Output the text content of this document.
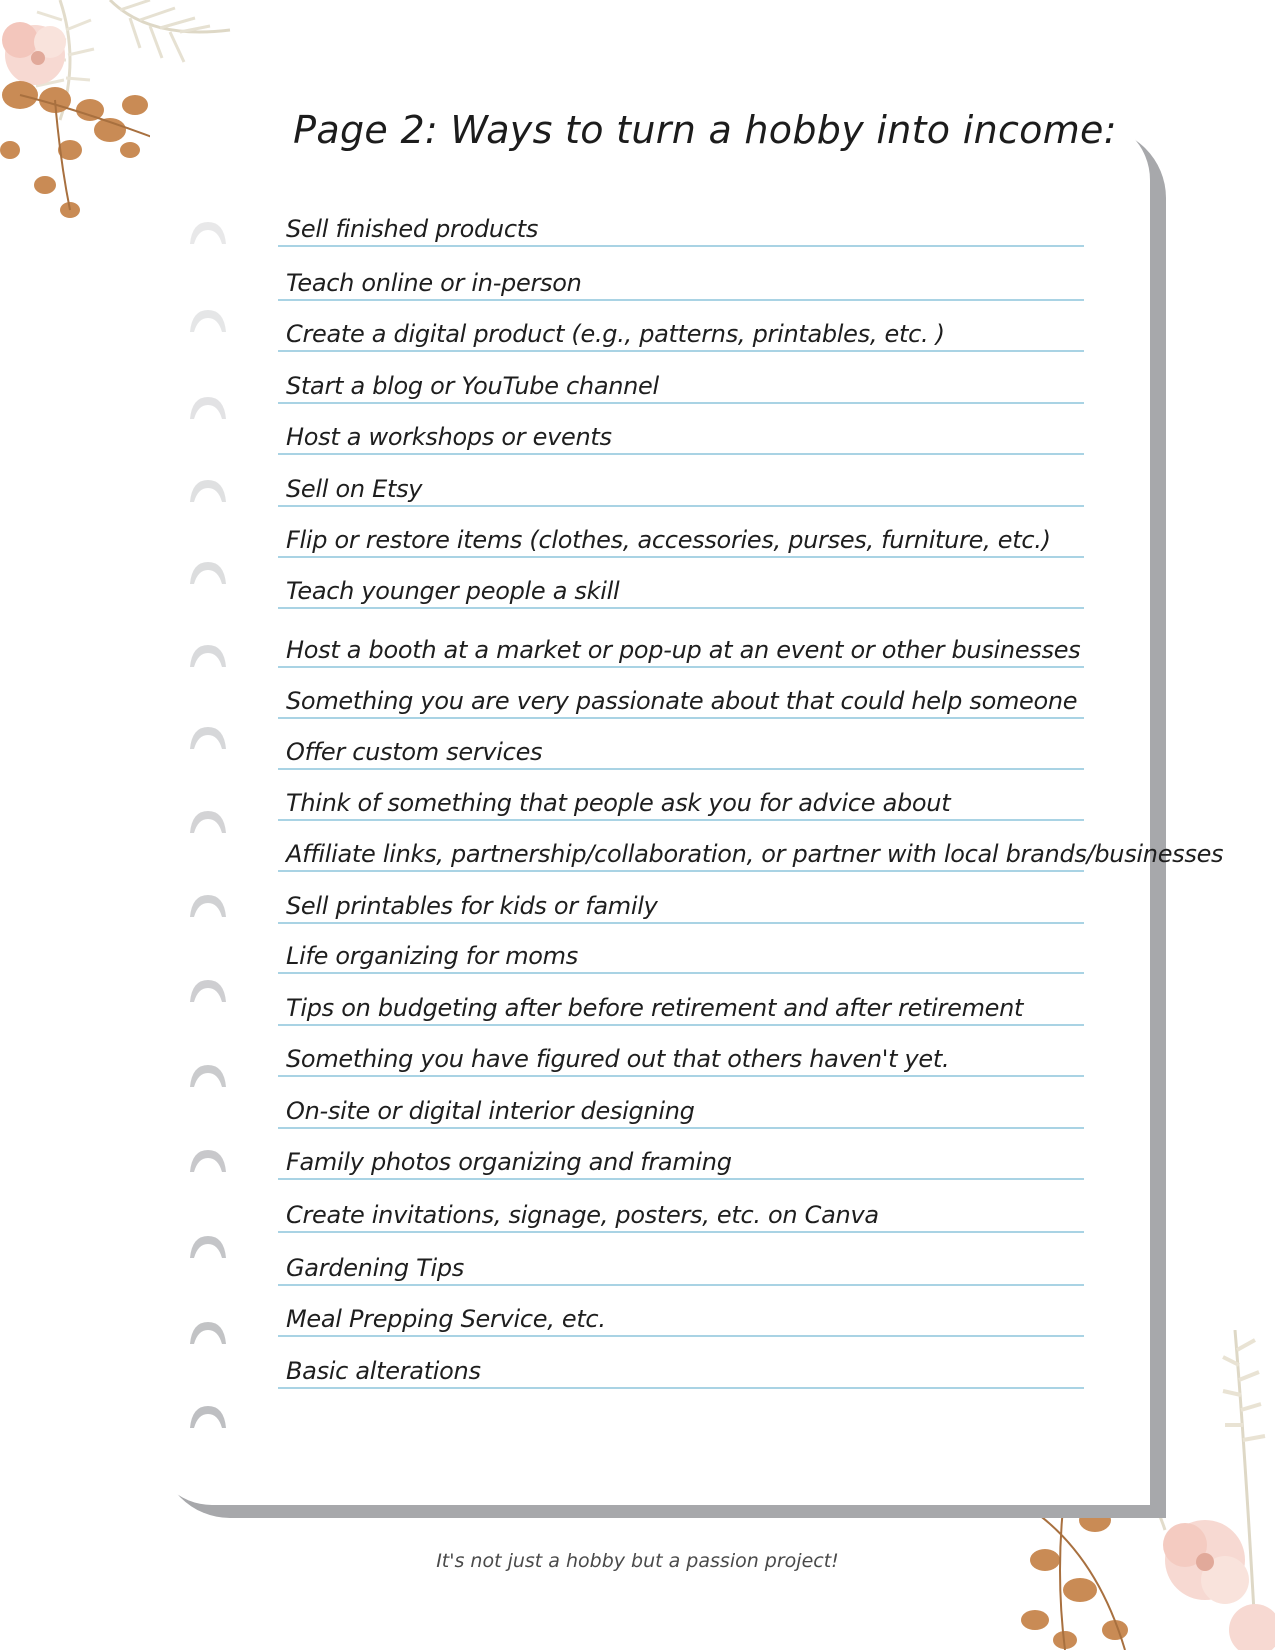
Page 2: Ways to turn a hobby into income:
Sell finished products
Teach online or in-person
Create a digital product (e.g., patterns, printables, etc. )
Start a blog or YouTube channel
Host a workshops or events
Sell on Etsy
Flip or restore items (clothes, accessories, purses, furniture, etc.)
Teach younger people a skill
Host a booth at a market or pop-up at an event or other businesses
Something you are very passionate about that could help someone
Offer custom services
Think of something that people ask you for advice about
Affiliate links, partnership/collaboration, or partner with local brands/businesses
Sell printables for kids or family
Life organizing for moms
Tips on budgeting after before retirement and after retirement
Something you have figured out that others haven't yet.
On-site or digital interior designing
Family photos organizing and framing
Create invitations, signage, posters, etc. on Canva
Gardening Tips
Meal Prepping Service, etc.
Basic alterations
It's not just a hobby but a passion project!
